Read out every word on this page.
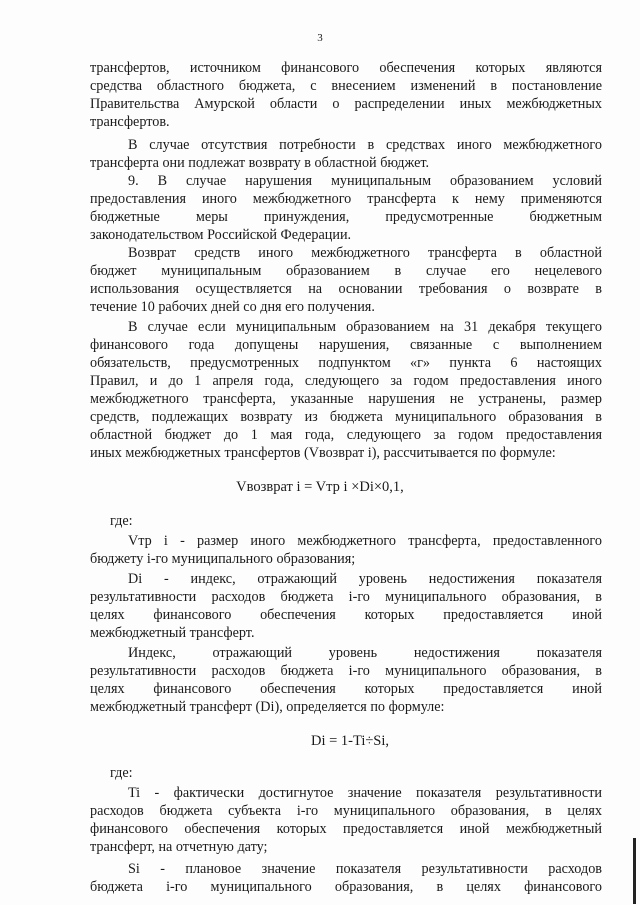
3
трансфертов, источником финансового обеспечения которых являются
средства областного бюджета, с внесением изменений в постановление
Правительства Амурской области о распределении иных межбюджетных
трансфертов.
В случае отсутствия потребности в средствах иного межбюджетного
трансферта они подлежат возврату в областной бюджет.
9. В случае нарушения муниципальным образованием условий
предоставления иного межбюджетного трансферта к нему применяются
бюджетные меры принуждения, предусмотренные бюджетным
законодательством Российской Федерации.
Возврат средств иного межбюджетного трансферта в областной
бюджет муниципальным образованием в случае его нецелевого
использования осуществляется на основании требования о возврате в
течение 10 рабочих дней со дня его получения.
В случае если муниципальным образованием на 31 декабря текущего
финансового года допущены нарушения, связанные с выполнением
обязательств, предусмотренных подпунктом «г» пункта 6 настоящих
Правил, и до 1 апреля года, следующего за годом предоставления иного
межбюджетного трансферта, указанные нарушения не устранены, размер
средств, подлежащих возврату из бюджета муниципального образования в
областной бюджет до 1 мая года, следующего за годом предоставления
иных межбюджетных трансфертов (Vвозврат i), рассчитывается по формуле:
Vвозврат i = Vтр i ×Di×0,1,
где:
Vтр i - размер иного межбюджетного трансферта, предоставленного
бюджету i-го муниципального образования;
Di - индекс, отражающий уровень недостижения показателя
результативности расходов бюджета i-го муниципального образования, в
целях финансового обеспечения которых предоставляется иной
межбюджетный трансферт.
Индекс, отражающий уровень недостижения показателя
результативности расходов бюджета i-го муниципального образования, в
целях финансового обеспечения которых предоставляется иной
межбюджетный трансферт (Di), определяется по формуле:
Di = 1-Ti÷Si,
где:
Ti - фактически достигнутое значение показателя результативности
расходов бюджета субъекта i-го муниципального образования, в целях
финансового обеспечения которых предоставляется иной межбюджетный
трансферт, на отчетную дату;
Si - плановое значение показателя результативности расходов
бюджета i-го муниципального образования, в целях финансового
